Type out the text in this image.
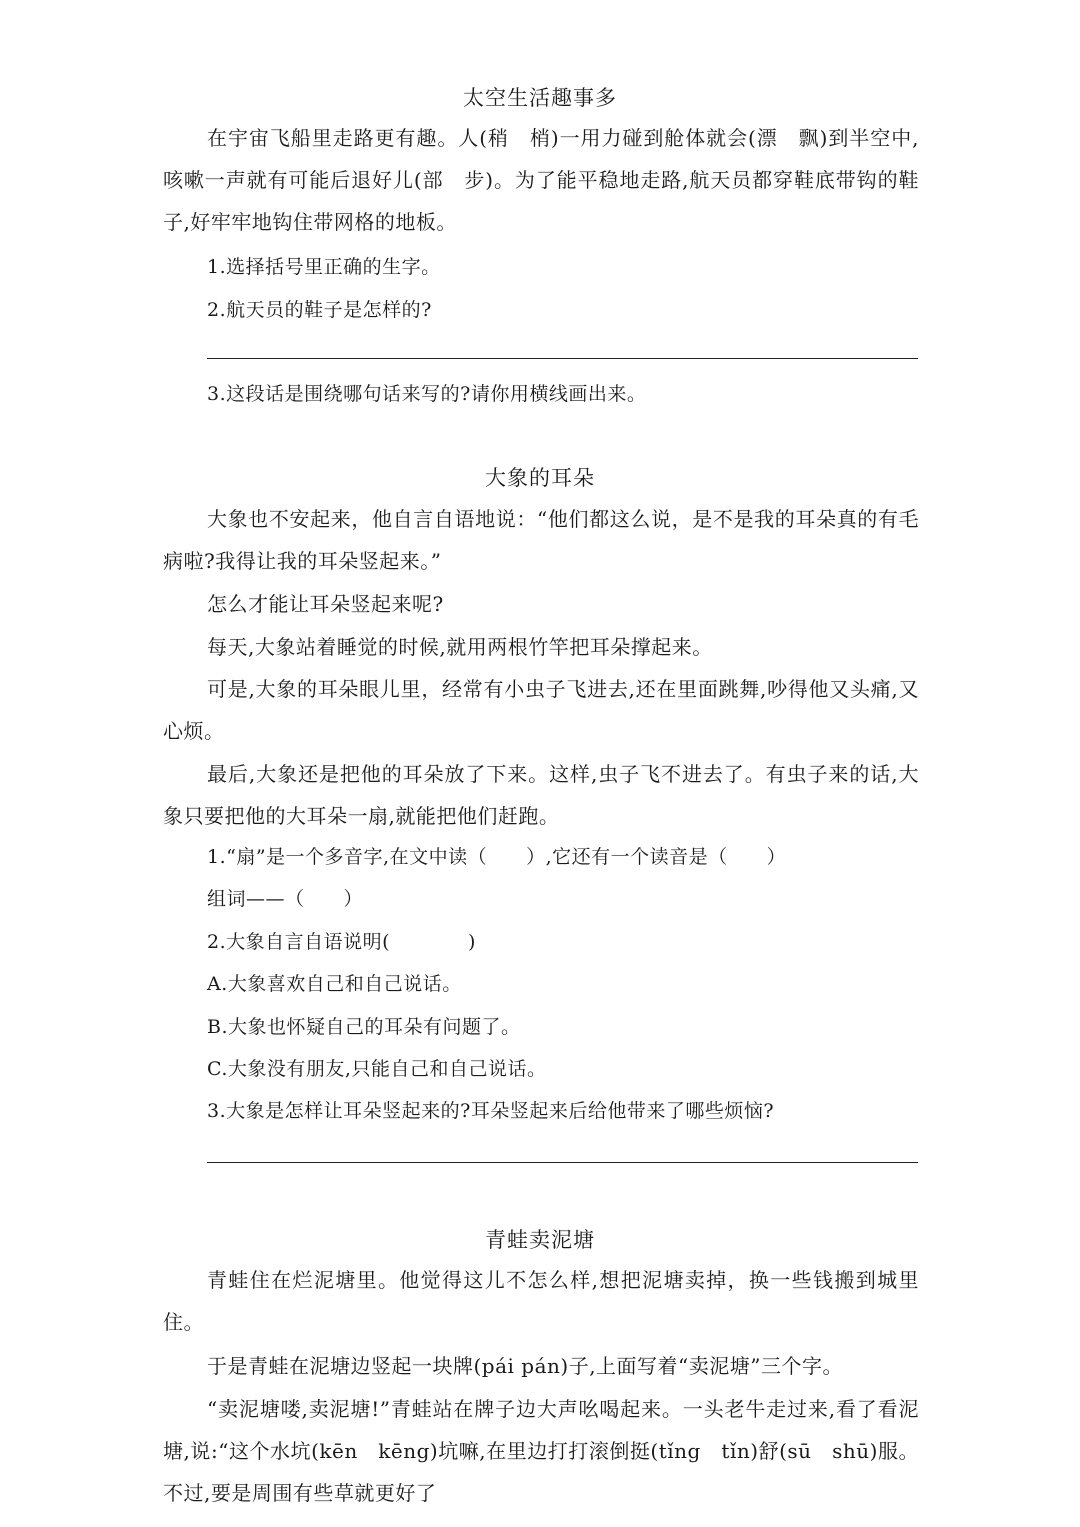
太空生活趣事多
在宇宙飞船里走路更有趣。人(稍　梢)一用力碰到舱体就会(漂　飘)到半空中,咳嗽一声就有可能后退好儿(部　步)。为了能平稳地走路,航天员都穿鞋底带钩的鞋子,好牢牢地钩住带网格的地板。
1.选择括号里正确的生字。
2.航天员的鞋子是怎样的?
3.这段话是围绕哪句话来写的?请你用横线画出来。
大象的耳朵
大象也不安起来，他自言自语地说：“他们都这么说，是不是我的耳朵真的有毛病啦?我得让我的耳朵竖起来。”
怎么才能让耳朵竖起来呢?
每天,大象站着睡觉的时候,就用两根竹竿把耳朵撑起来。
可是,大象的耳朵眼儿里，经常有小虫子飞进去,还在里面跳舞,吵得他又头痛,又心烦。
最后,大象还是把他的耳朵放了下来。这样,虫子飞不进去了。有虫子来的话,大象只要把他的大耳朵一扇,就能把他们赶跑。
1.“扇”是一个多音字,在文中读（　　）,它还有一个读音是（　　）
组词——（　　）
2.大象自言自语说明(　　　　)
A.大象喜欢自己和自己说话。
B.大象也怀疑自己的耳朵有问题了。
C.大象没有朋友,只能自己和自己说话。
3.大象是怎样让耳朵竖起来的?耳朵竖起来后给他带来了哪些烦恼?
青蛙卖泥塘
青蛙住在烂泥塘里。他觉得这儿不怎么样,想把泥塘卖掉，换一些钱搬到城里住。
于是青蛙在泥塘边竖起一块牌(pái pán)子,上面写着“卖泥塘”三个字。
“卖泥塘喽,卖泥塘!”青蛙站在牌子边大声吆喝起来。一头老牛走过来,看了看泥塘,说:“这个水坑(kēn　kēng)坑嘛,在里边打打滚倒挺(tǐng　tǐn)舒(sū　shū)服。不过,要是周围有些草就更好了
